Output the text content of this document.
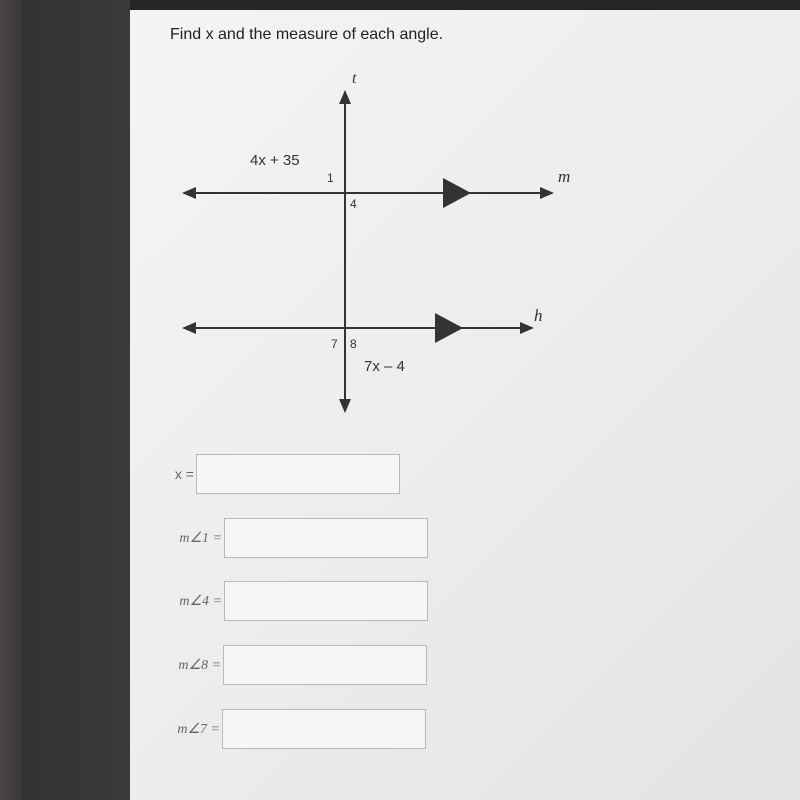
Find x and the measure of each angle.
t
m
h
4x + 35
1
4
7 8
7x – 4
x =
m∠1 =
m∠4 =
m∠8 =
m∠7 =
